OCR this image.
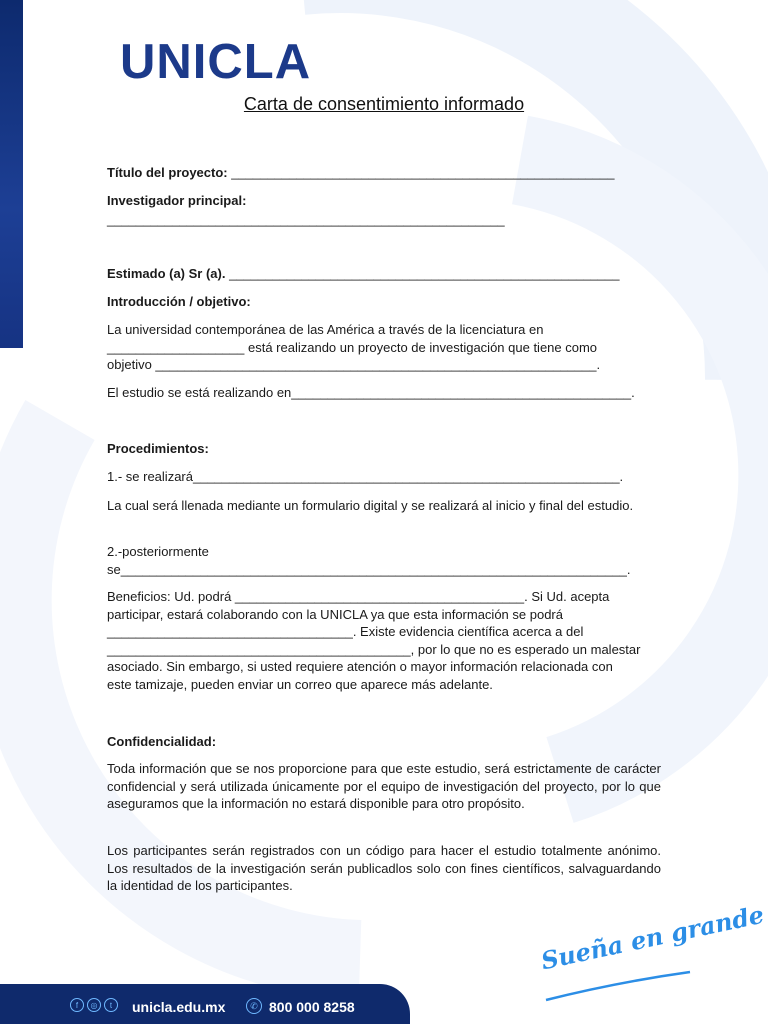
UNICLA
Carta de consentimiento informado
Título del proyecto: _____________________________________________________
Investigador principal:
_______________________________________________________
Estimado (a) Sr (a). ______________________________________________________
Introducción / objetivo:
La universidad contemporánea de las América a través de la licenciatura en
___________________ está realizando un proyecto de investigación que tiene como
objetivo _____________________________________________________________.
El estudio se está realizando en_______________________________________________.
Procedimientos:
1.- se realizará___________________________________________________________.
La cual será llenada mediante un formulario digital y se realizará al inicio y final del estudio.
2.-posteriormente
se______________________________________________________________________.
Beneficios: Ud. podrá ________________________________________. Si Ud. acepta
participar, estará colaborando con la UNICLA ya que esta información se podrá
__________________________________. Existe evidencia científica acerca a del
__________________________________________, por lo que no es esperado un malestar
asociado. Sin embargo, si usted requiere atención o mayor información relacionada con
este tamizaje, pueden enviar un correo que aparece más adelante.
Confidencialidad:
Toda información que se nos proporcione para que este estudio, será estrictamente de carácter confidencial y será utilizada únicamente por el equipo de investigación del proyecto, por lo que aseguramos que la información no estará disponible para otro propósito.
Los participantes serán registrados con un código para hacer el estudio totalmente anónimo. Los resultados de la investigación serán publicadlos solo con fines científicos, salvaguardando la identidad de los participantes.
Sueña en grande
f	◎	t	unicla.edu.mx	✆ 800 000 8258
